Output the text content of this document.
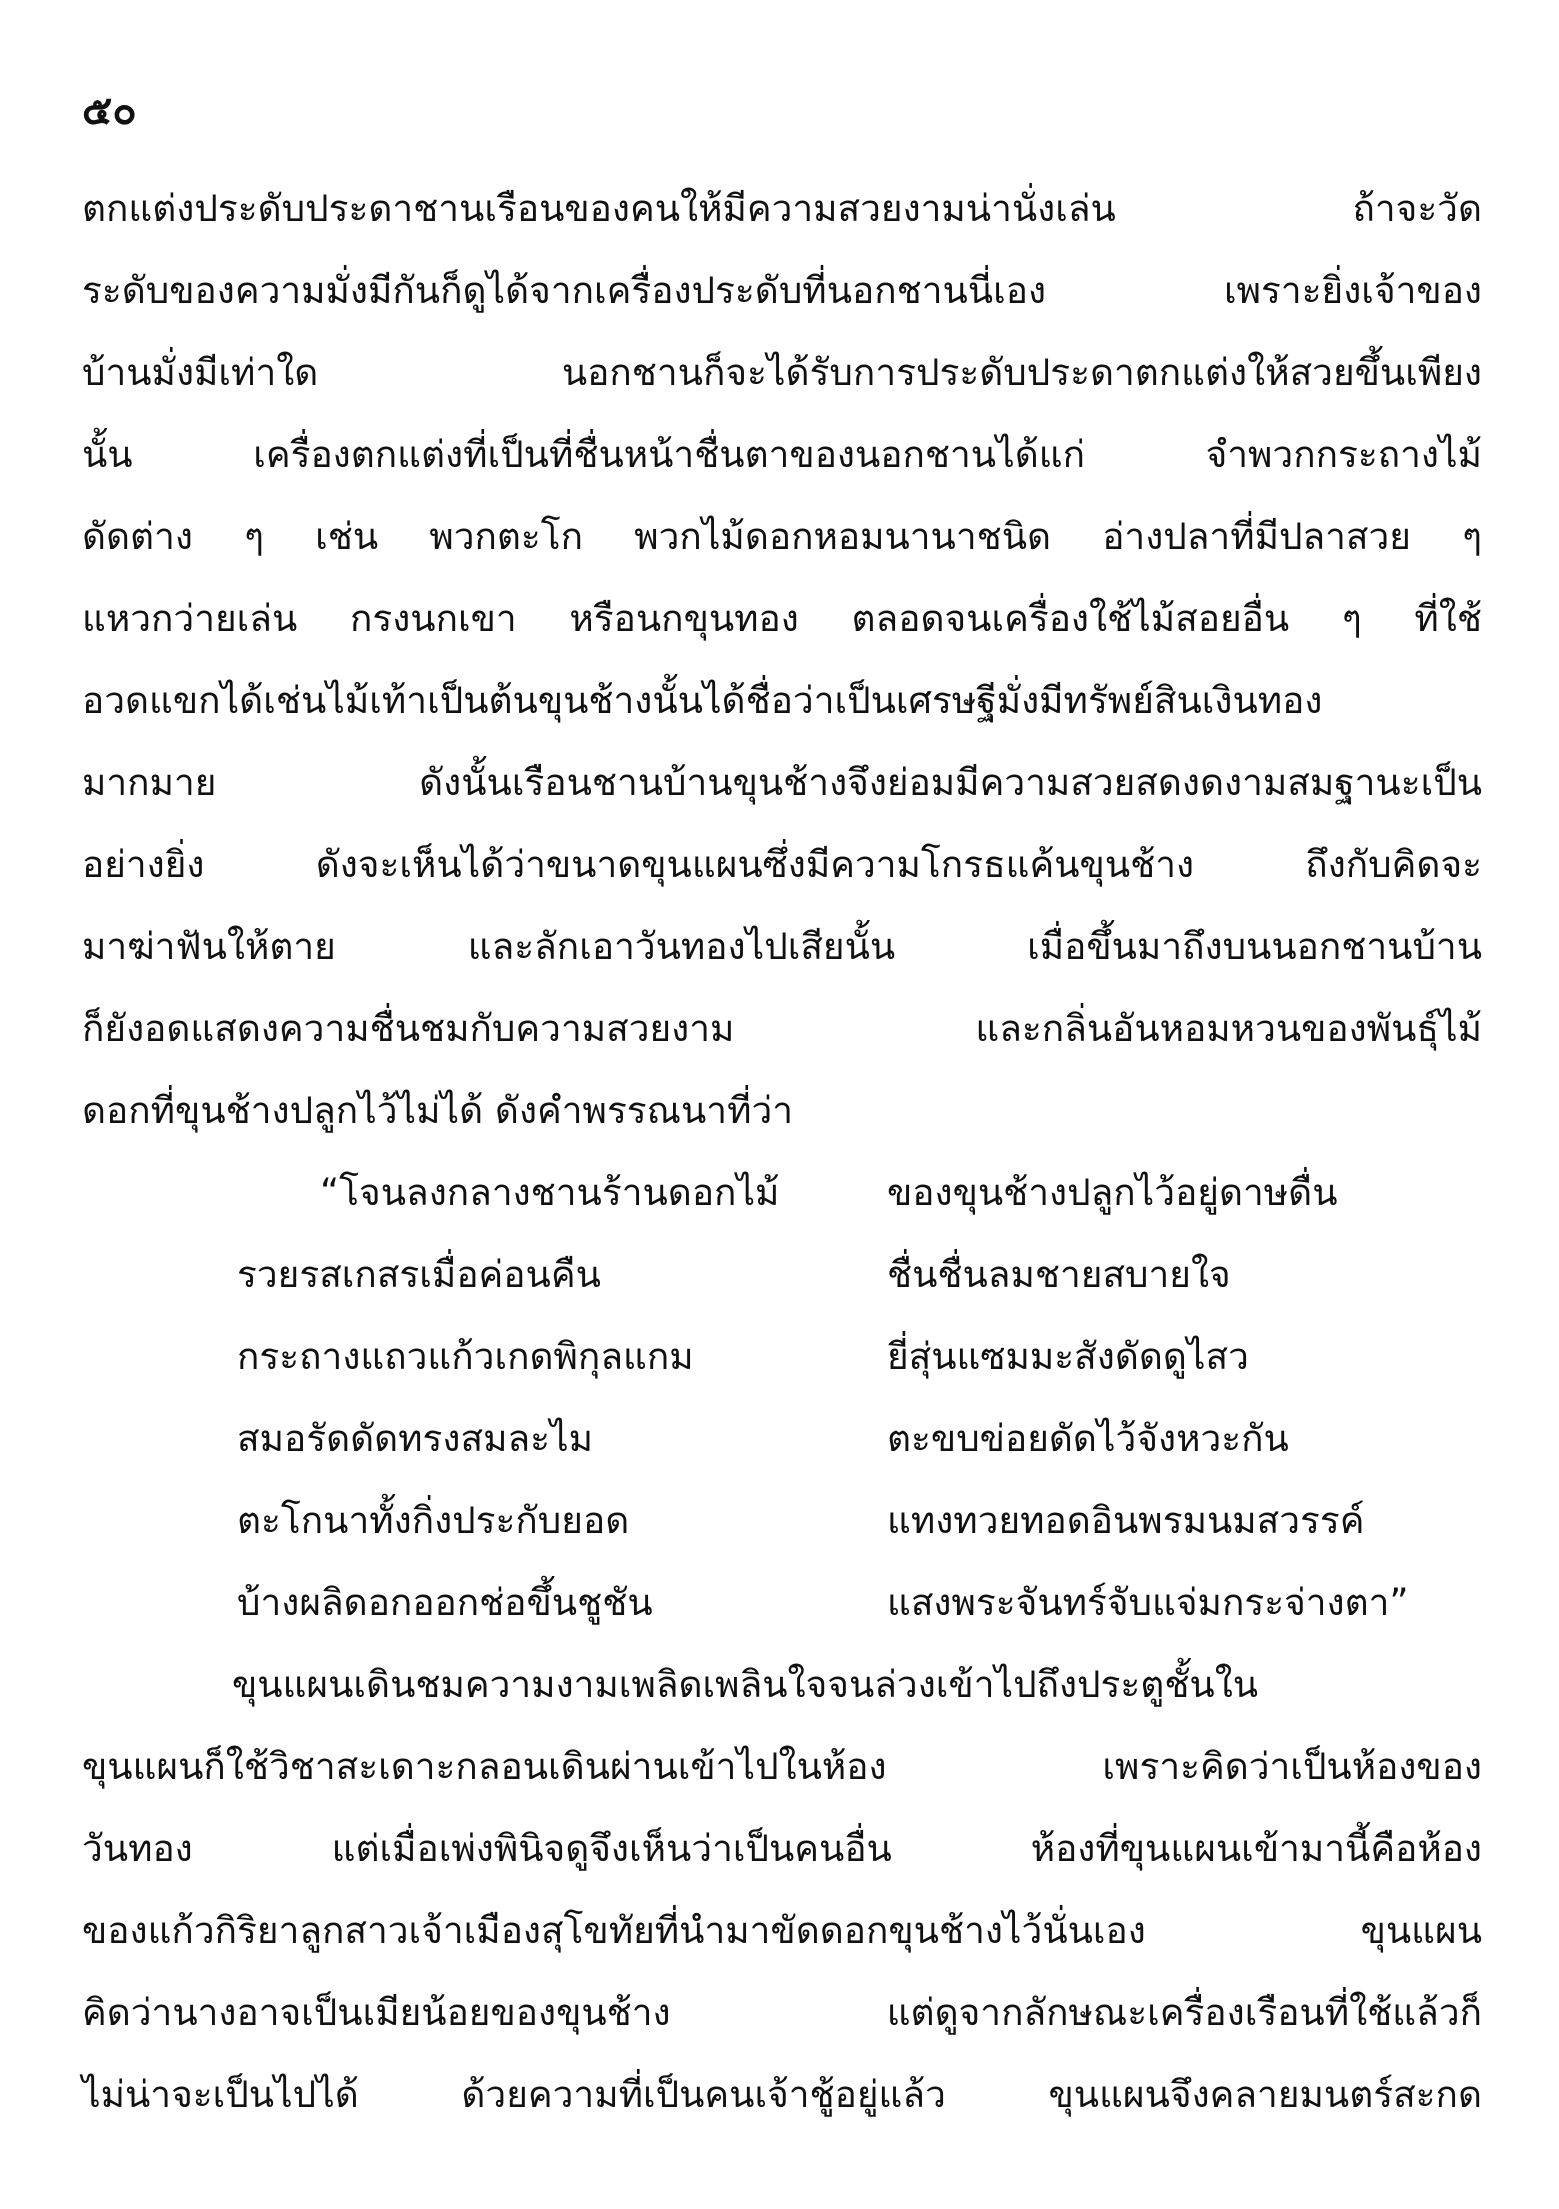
๕๐
ตกแต่งประดับประดาชานเรือนของคนให้มีความสวยงามน่านั่งเล่น ถ้าจะวัด
ระดับของความมั่งมีกันก็ดูได้จากเครื่องประดับที่นอกชานนี่เอง เพราะยิ่งเจ้าของ
บ้านมั่งมีเท่าใด นอกชานก็จะได้รับการประดับประดาตกแต่งให้สวยขึ้นเพียง
นั้น เครื่องตกแต่งที่เป็นที่ชื่นหน้าชื่นตาของนอกชานได้แก่ จำพวกกระถางไม้
ดัดต่าง ๆ เช่น พวกตะโก พวกไม้ดอกหอมนานาชนิด อ่างปลาที่มีปลาสวย ๆ
แหวกว่ายเล่น กรงนกเขา หรือนกขุนทอง ตลอดจนเครื่องใช้ไม้สอยอื่น ๆ ที่ใช้
อวดแขกได้เช่นไม้เท้าเป็นต้นขุนช้างนั้นได้ชื่อว่าเป็นเศรษฐีมั่งมีทรัพย์สินเงินทอง
มากมาย ดังนั้นเรือนชานบ้านขุนช้างจึงย่อมมีความสวยสดงดงามสมฐานะเป็น
อย่างยิ่ง ดังจะเห็นได้ว่าขนาดขุนแผนซึ่งมีความโกรธแค้นขุนช้าง ถึงกับคิดจะ
มาฆ่าฟันให้ตาย และลักเอาวันทองไปเสียนั้น เมื่อขึ้นมาถึงบนนอกชานบ้าน
ก็ยังอดแสดงความชื่นชมกับความสวยงาม และกลิ่นอันหอมหวนของพันธุ์ไม้
ดอกที่ขุนช้างปลูกไว้ไม่ได้ ดังคำพรรณนาที่ว่า
“โจนลงกลางชานร้านดอกไม้	ของขุนช้างปลูกไว้อยู่ดาษดื่น
รวยรสเกสรเมื่อค่อนคืน	ชื่นชื่นลมชายสบายใจ
กระถางแถวแก้วเกดพิกุลแกม	ยี่สุ่นแซมมะสังดัดดูไสว
สมอรัดดัดทรงสมละไม	ตะขบข่อยดัดไว้จังหวะกัน
ตะโกนาทั้งกิ่งประกับยอด	แทงทวยทอดอินพรมนมสวรรค์
บ้างผลิดอกออกช่อขึ้นชูชัน	แสงพระจันทร์จับแจ่มกระจ่างตา”
ขุนแผนเดินชมความงามเพลิดเพลินใจจนล่วงเข้าไปถึงประตูชั้นใน
ขุนแผนก็ใช้วิชาสะเดาะกลอนเดินผ่านเข้าไปในห้อง เพราะคิดว่าเป็นห้องของ
วันทอง แต่เมื่อเพ่งพินิจดูจึงเห็นว่าเป็นคนอื่น ห้องที่ขุนแผนเข้ามานี้คือห้อง
ของแก้วกิริยาลูกสาวเจ้าเมืองสุโขทัยที่นำมาขัดดอกขุนช้างไว้นั่นเอง ขุนแผน
คิดว่านางอาจเป็นเมียน้อยของขุนช้าง แต่ดูจากลักษณะเครื่องเรือนที่ใช้แล้วก็
ไม่น่าจะเป็นไปได้ ด้วยความที่เป็นคนเจ้าชู้อยู่แล้ว ขุนแผนจึงคลายมนตร์สะกด
